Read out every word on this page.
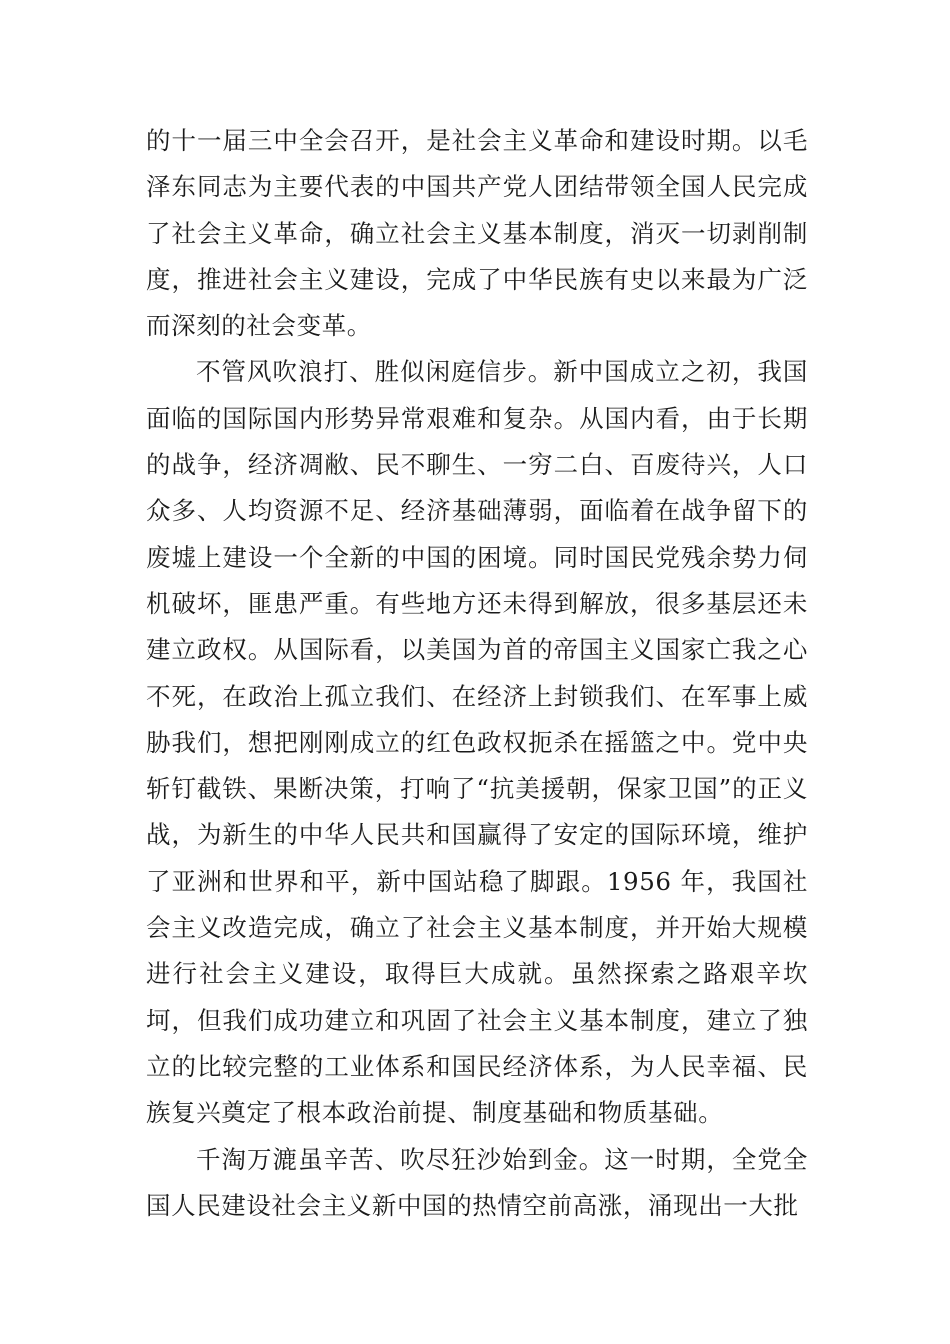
的十一届三中全会召开，是社会主义革命和建设时期。以毛泽东同志为主要代表的中国共产党人团结带领全国人民完成了社会主义革命，确立社会主义基本制度，消灭一切剥削制度，推进社会主义建设，完成了中华民族有史以来最为广泛而深刻的社会变革。

不管风吹浪打、胜似闲庭信步。新中国成立之初，我国面临的国际国内形势异常艰难和复杂。从国内看，由于长期的战争，经济凋敝、民不聊生、一穷二白、百废待兴，人口众多、人均资源不足、经济基础薄弱，面临着在战争留下的废墟上建设一个全新的中国的困境。同时国民党残余势力伺机破坏，匪患严重。有些地方还未得到解放，很多基层还未建立政权。从国际看，以美国为首的帝国主义国家亡我之心不死，在政治上孤立我们、在经济上封锁我们、在军事上威胁我们，想把刚刚成立的红色政权扼杀在摇篮之中。党中央斩钉截铁、果断决策，打响了“抗美援朝，保家卫国”的正义战，为新生的中华人民共和国赢得了安定的国际环境，维护了亚洲和世界和平，新中国站稳了脚跟。1956 年，我国社会主义改造完成，确立了社会主义基本制度，并开始大规模进行社会主义建设，取得巨大成就。虽然探索之路艰辛坎坷，但我们成功建立和巩固了社会主义基本制度，建立了独立的比较完整的工业体系和国民经济体系，为人民幸福、民族复兴奠定了根本政治前提、制度基础和物质基础。

千淘万漉虽辛苦、吹尽狂沙始到金。这一时期，全党全国人民建设社会主义新中国的热情空前高涨，涌现出一大批
